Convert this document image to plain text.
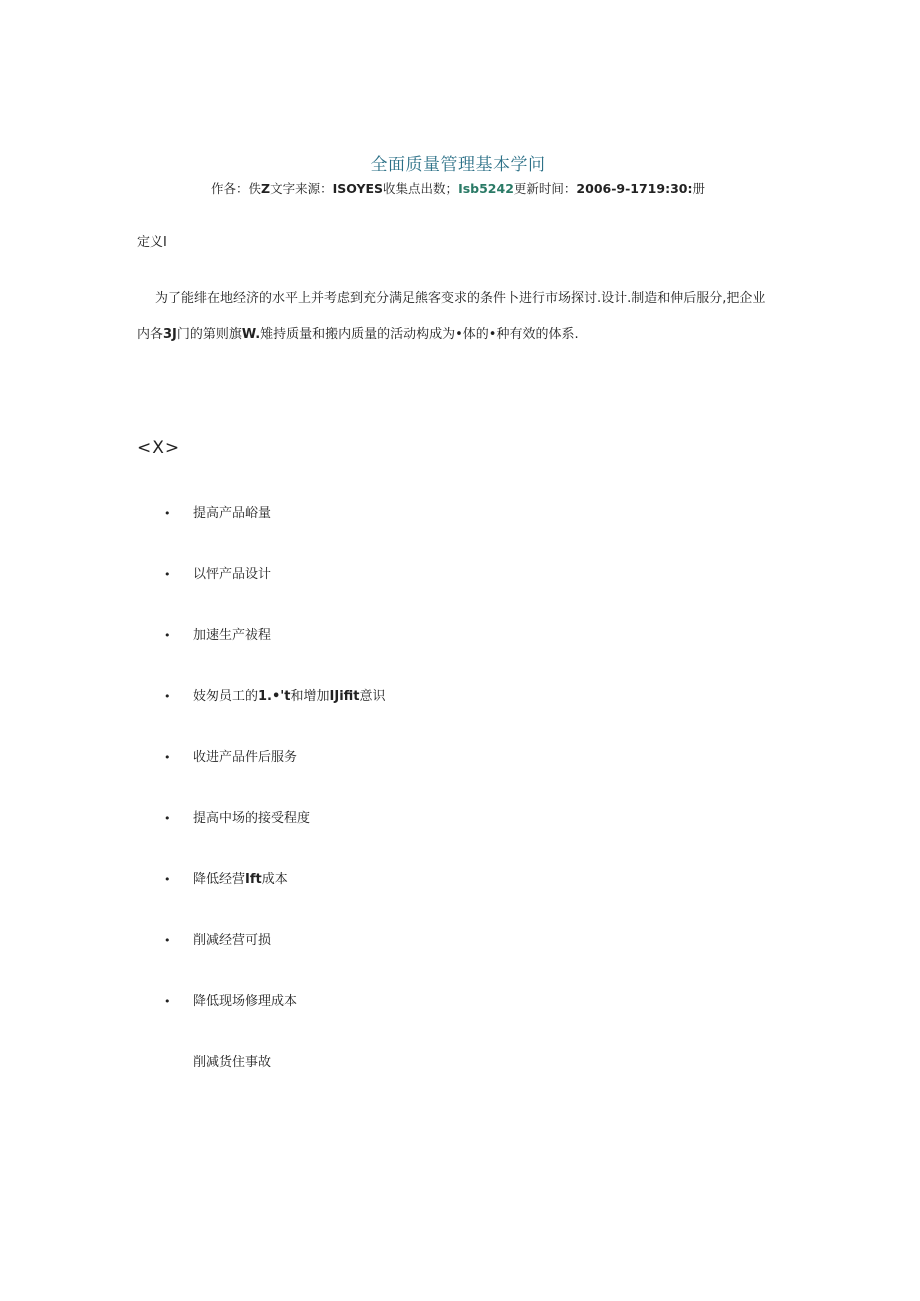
全面质量管理基本学问
作各：佚Z文字来源：ISOYES收集点出数；Isb5242更新时间：2006-9-1719:30:册
定义I
为了能绯在地经济的水平上并考虑到充分满足熊客变求的条件卜进行市场探讨.设计.制造和伸后服分,把企业
内各3J门的第则旗W.雉持质量和搬内质量的活动构成为•体的•种有效的体系.
<X>
• 提高产品峪量
• 以怦产品设计
• 加速生产祓程
• 妓匆员工的1.•'t和增加IJifit意识
• 收进产品件后服务
• 提高中场的接受程度
• 降低经营Ift成本
• 削减经营可损
• 降低现场修理成本
削减货住事故
